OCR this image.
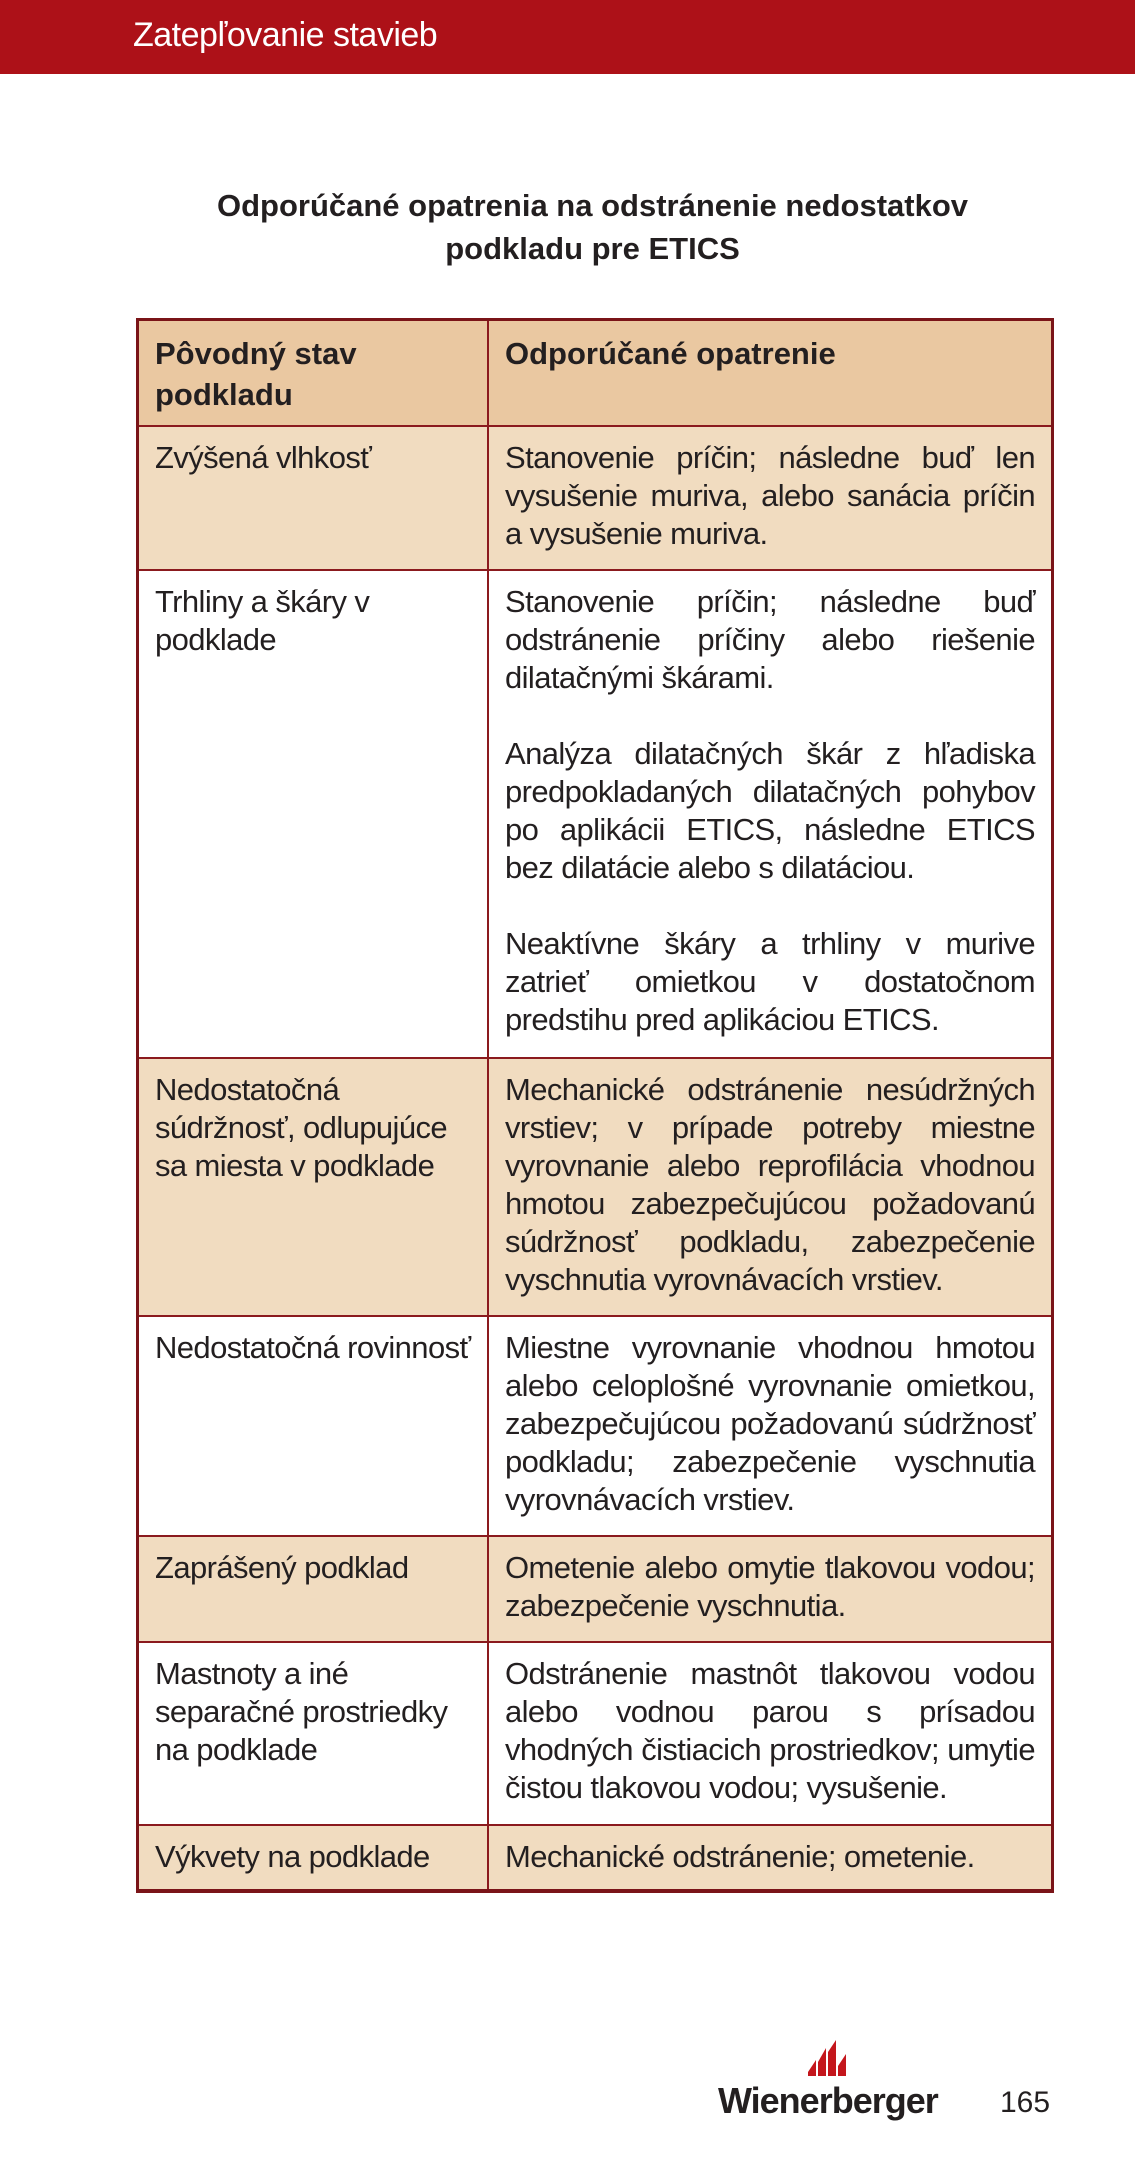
Zatepľovanie stavieb
Odporúčané opatrenia na odstránenie nedostatkov
podkladu pre ETICS
Pôvodný stav podkladu	Odporúčané opatrenie
Zvýšená vlhkosť	Stanovenie príčin; následne buď len vysušenie muriva, alebo sanácia príčin a vysušenie muriva.
Trhliny a škáry v podklade	Stanovenie príčin; následne buď odstránenie príčiny alebo riešenie dilatačnými škárami.

Analýza dilatačných škár z hľadiska predpokladaných dilatačných pohybov po aplikácii ETICS, následne ETICS bez dilatácie alebo s dilatáciou.

Neaktívne škáry a trhliny v murive zatrieť omietkou v dostatočnom predstihu pred aplikáciou ETICS.

Nedostatočná súdržnosť, odlupujúce sa miesta v podklade	Mechanické odstránenie nesúdržných vrstiev; v prípade potreby miestne vyrovnanie alebo reprofilácia vhodnou hmotou zabezpečujúcou požadovanú súdržnosť podkladu, zabezpečenie vyschnutia vyrovnávacích vrstiev.
Nedostatočná rovinnosť	Miestne vyrovnanie vhodnou hmotou alebo celoplošné vyrovnanie omietkou, zabezpečujúcou požadovanú súdržnosť podkladu; zabezpečenie vyschnutia vyrovnávacích vrstiev.
Zaprášený podklad	Ometenie alebo omytie tlakovou vodou; zabezpečenie vyschnutia.
Mastnoty a iné separačné prostriedky na podklade	Odstránenie mastnôt tlakovou vodou alebo vodnou parou s prísadou vhodných čistiacich prostriedkov; umytie čistou tlakovou vodou; vysušenie.
Výkvety na podklade	Mechanické odstránenie; ometenie.
Wienerberger 165
